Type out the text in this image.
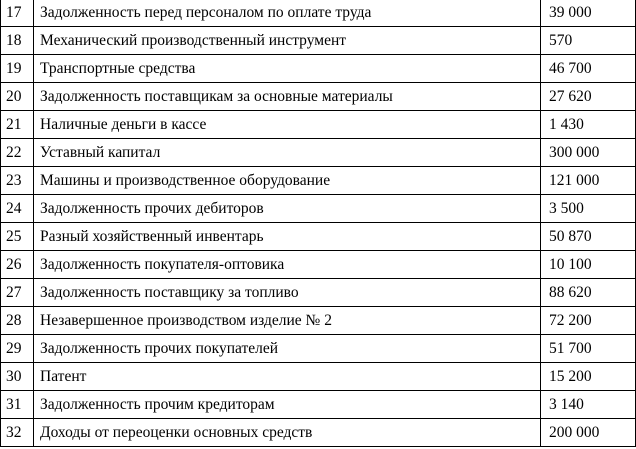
17	Задолженность перед персоналом по оплате труда	39 000
18	Механический производственный инструмент	570
19	Транспортные средства	46 700
20	Задолженность поставщикам за основные материалы	27 620
21	Наличные деньги в кассе	1 430
22	Уставный капитал	300 000
23	Машины и производственное оборудование	121 000
24	Задолженность прочих дебиторов	3 500
25	Разный хозяйственный инвентарь	50 870
26	Задолженность покупателя-оптовика	10 100
27	Задолженность поставщику за топливо	88 620
28	Незавершенное производством изделие № 2	72 200
29	Задолженность прочих покупателей	51 700
30	Патент	15 200
31	Задолженность прочим кредиторам	3 140
32	Доходы от переоценки основных средств	200 000
